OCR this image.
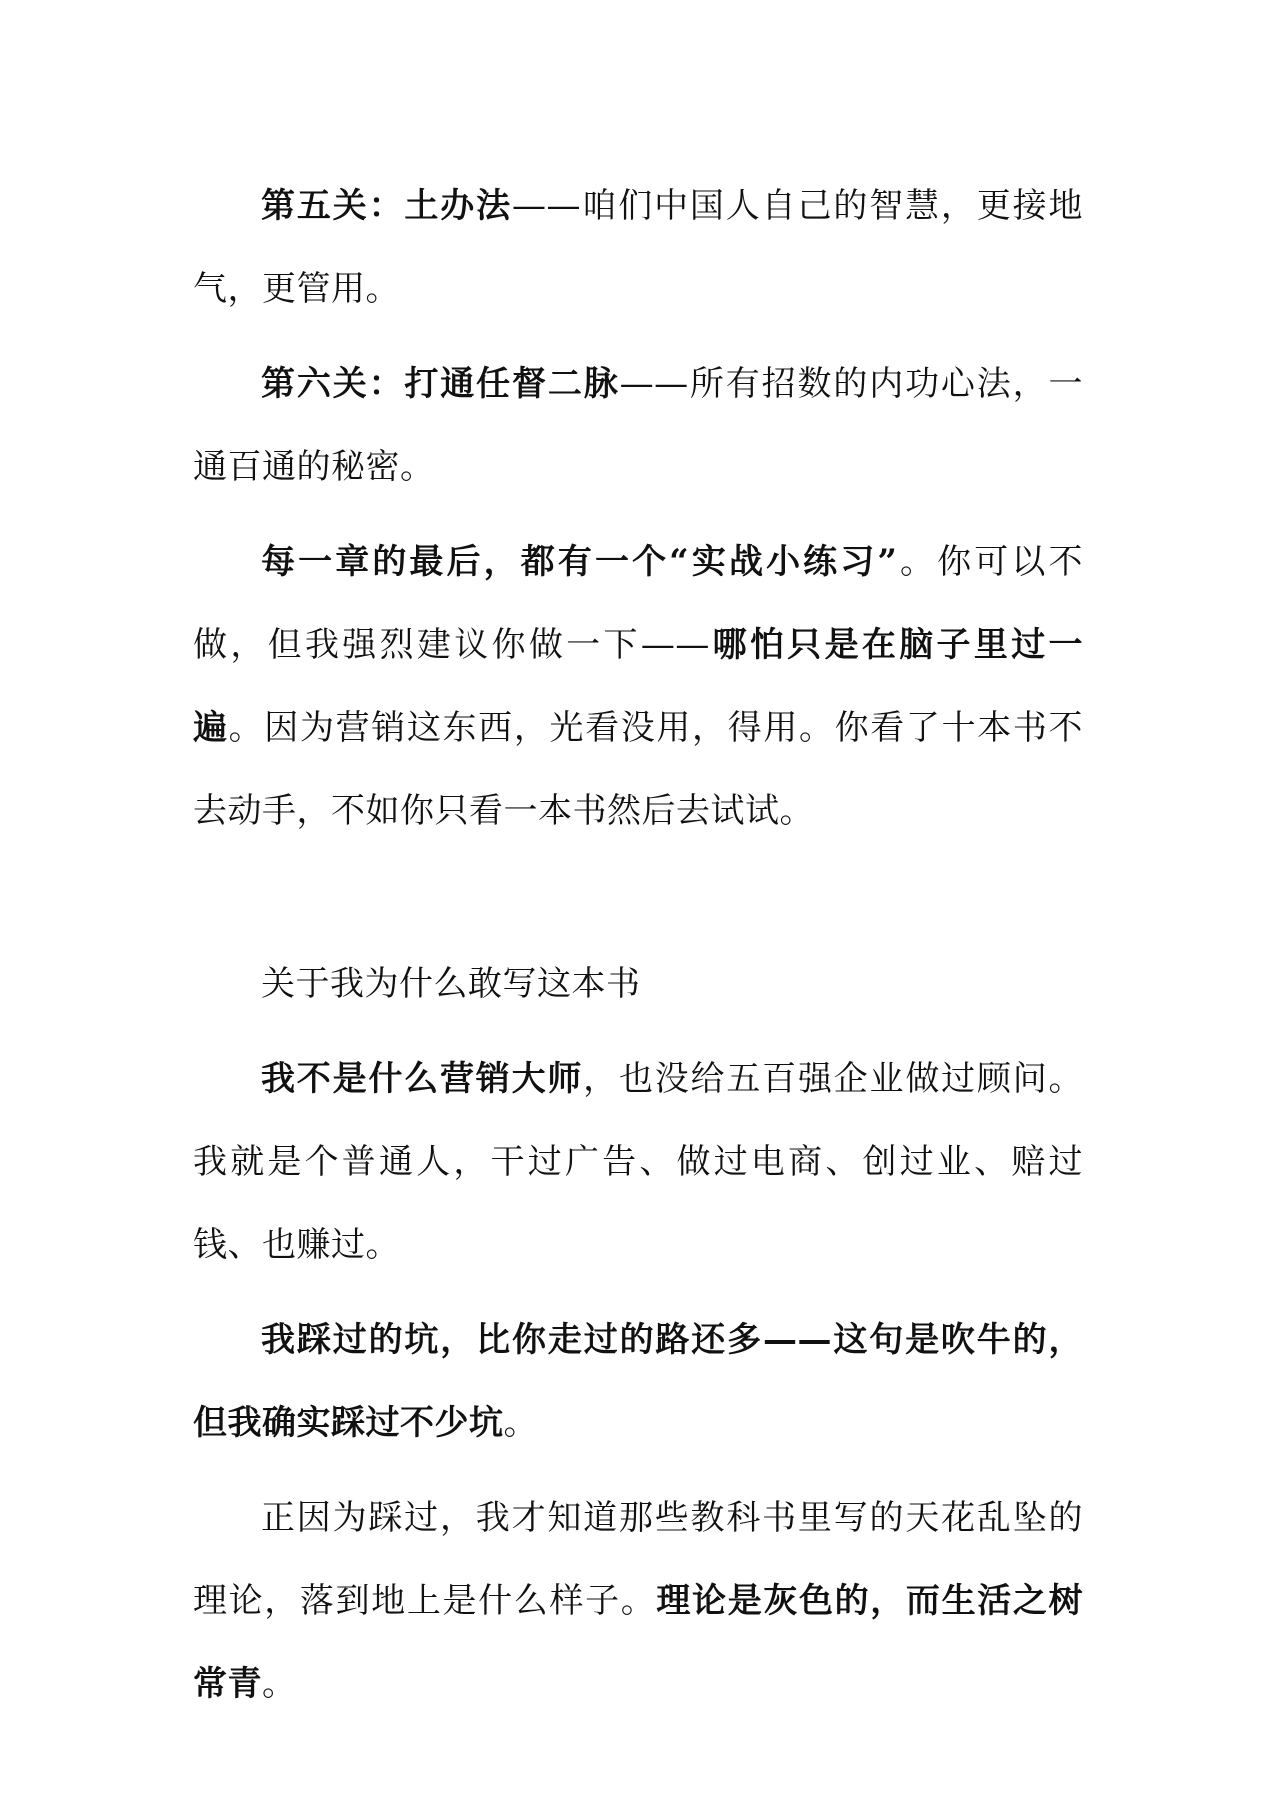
第五关：土办法——咱们中国人自己的智慧，更接地气，更管用。

第六关：打通任督二脉——所有招数的内功心法，一通百通的秘密。

每一章的最后，都有一个“实战小练习”。你可以不做，但我强烈建议你做一下——哪怕只是在脑子里过一遍。因为营销这东西，光看没用，得用。你看了十本书不去动手，不如你只看一本书然后去试试。

关于我为什么敢写这本书

我不是什么营销大师，也没给五百强企业做过顾问。我就是个普通人，干过广告、做过电商、创过业、赔过钱、也赚过。

我踩过的坑，比你走过的路还多——这句是吹牛的，但我确实踩过不少坑。

正因为踩过，我才知道那些教科书里写的天花乱坠的理论，落到地上是什么样子。理论是灰色的，而生活之树常青。
